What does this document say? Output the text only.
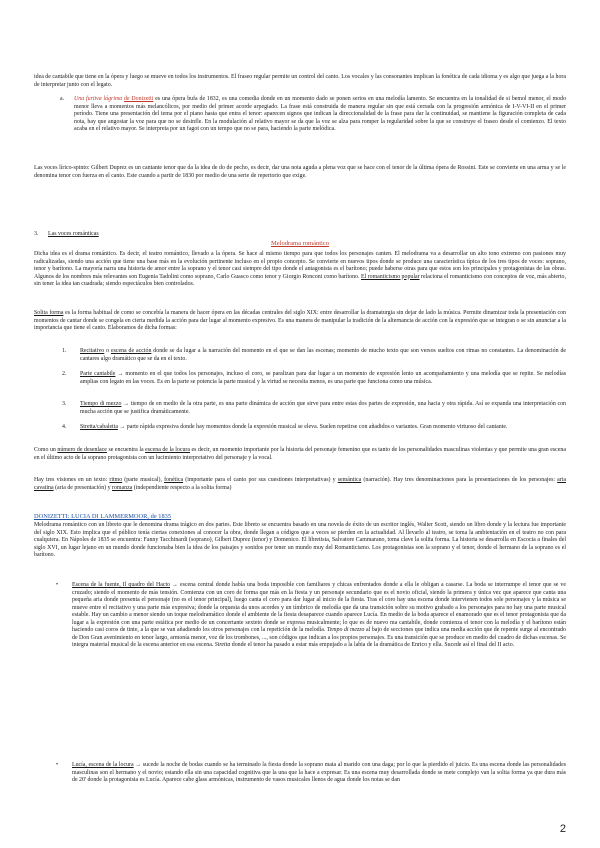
idea de cantabile que tiene en la ópera y luego se mueve en todos los instrumentos. El fraseo regular permite un control del canto. Los vocales y las consonantes implican la fonética de cada idioma y es algo que juega a la hora de interpretar junto con el legato.

a. Una furtiva lágrima de Donizetti es una ópera bufa de 1832, es una comedia donde en un momento dado se ponen serios en una melodía lamento. Se encuentra en la tonalidad de si bemol menor, el modo menor lleva a momentos más melancólicos, por medio del primer acorde arpegiado. La frase está construida de manera regular sin que está cerrada con la progresión armónica de I-V-VI-II en el primer período. Tiene una presentación del tema por el piano hasta que entra el tenor: aparecen signos que indican la direccionalidad de la frase para dar la continuidad, se mantiene la figuración completa de cada nota, hay que angostar la voz para que no se desinfle. En la modulación al relativo mayor se da que la voz se alza para romper la regularidad sobre la que se construye el fraseo desde el comienzo. El texto acaba en el relativo mayor. Se interpreta por un fagot con un tempo que no se para, haciendo la parte melódica.

Las voces lírico-spinto: Gilbert Duprez es un cantante tenor que da la idea de do de pecho, es decir, dar una nota aguda a plena voz que se hace con el tenor de la última ópera de Rossini. Este se convierte en una arma y se le denomina tenor con fuerza en el canto. Este cuando a partir de 1830 por medio de una serie de repertorio que exige.

3. Las voces románticas

Melodrama romántico

Dicha idea es el drama romántico. Es decir, el teatro romántico, llevado a la ópera. Se hace al mismo tiempo para que todos los personajes canten. El melodrama va a desarrollar un alto tono extremo con pasiones muy radicalizadas, siendo una acción que tiene una base más en la evolución pertinente incluso en el propio concepto. Se convierte en nuevos tipos donde se produce una característica típica de los tres tipos de voces: soprano, tenor y barítono. La mayoría narra una historia de amor entre la soprano y el tenor casi siempre del tipo donde el antagonista es el barítono; puede haberse otras para que estos son los principales y protagonistas de las obras. Algunos de los nombres más relevantes son Eugenia Tadolini como soprano, Carlo Guasco como tenor y Giorgio Ronconi como barítono. El romanticismo popular relaciona el romanticismo con conceptos de voz, más abierto, sin tener la idea tan cuadrada; siendo espectáculos bien controlados.

Solita forma es la forma habitual de como se concebía la manera de hacer ópera en las décadas centrales del siglo XIX: entre desarrollar la dramaturgia sin dejar de lado la música. Permite dinamizar toda la presentación con momentos de cantar donde se congela en cierta medida la acción para dar lugar al momento expresivo. Es una manera de manipular la tradición de la alternancia de acción con la expresión que se integran o se sin anunciar a la importancia que tiene el canto. Elaboramos de dicha formas:

1. Recitativo o escena de acción donde se da lugar a la narración del momento en el que se dan las escenas; momento de mucho texto que son versos sueltos con rimas no constantes. La denominación de cantares algo dramático que se da en el texto.

2. Parte cantabile → momento en el que todos los personajes, incluso el coro, se paralizan para dar lugar a un momento de expresión lento un acompañamiento y una melodía que se repite. Se melodías amplias con legato en las voces. Es en la parte se potencia la parte musical y la virtud se necesita menos, es una parte que funciona como una música.

3. Tiempo di mezzo → tiempo de en medio de la otra parte, es una parte dinámica de acción que sirve para entre estas dos partes de expresión, una hacia y otra rápida. Así se expanda una interpretación con mucha acción que se justifica dramáticamente.

4. Stretta/cabaletta → parte rápida expresiva donde hay momentos donde la expresión musical se eleva. Suelen repetirse con añadidos o variantes. Gran momento virtuoso del cantante.

Como un número de desenlace se encuentra la escena de la locura es decir, un momento importante por la historia del personaje femenino que es tanto de los personalidades masculinas violentas y que permite una gran escena en el último acto de la soprano protagonista con un lucimiento interpretativo del personaje y la vocal.

Hay tres visiones en un texto: ritmo (parte musical), fonética (importante para el canto por sus cuestiones interpretativas) y semántica (narración). Hay tres denominaciones para la presentaciones de los personajes: aria cavatina (aria de presentación) y romanza (independiente respecto a la solita forma)

DONIZETTI: LUCIA DI LAMMERMOOR, de 1835

Melodrama romántico con un libreto que le denomina drama trágico en dos partes. Este libreto se encuentra basado en una novela de éxito de un escritor inglés, Walter Scott, siendo un libro donde y la lectura fue importante del siglo XIX. Esto implica que el público tenía ciertas conexiones al conocer la obra, donde llegan a códigos que a veces se pierden en la actualidad. Al llevarlo al teatro, se toma la ambientación en el teatro no con para cualquiera. En Nápoles de 1835 se encuentra: Fanny Tacchinardi (soprano), Gilbert Duprez (tenor) y Domenico. El libretista, Salvatore Cammarano, toma clave la solita forma. La historia se desarrolla en Escocia a finales del siglo XVI, un lugar lejano en un mundo donde funcionaba bien la idea de los paisajes y sonidos por tener un mundo muy del Romanticismo. Los protagonistas son la soprano y el tenor, donde el hermano de la soprano es el barítono.

• Escena de la fuente, Il quadro del Hacto → escena central donde había una boda imposible con familiares y chicas enfrentados donde a ella le obligan a casarse. La boda se interrumpe el tenor que se ve cruzado; siendo el momento de más tensión. Comienza con un coro de forma que más en la fiesta y un personaje secundario que es el novio oficial, siendo la primera y única vez que aparece que canta una pequeña aria donde presenta el personaje (no es el tenor principal), luego canta el coro para dar lugar al inicio de la fiesta. Tras el coro hay una escena donde intervienen todos sole personajes y la música se mueve entre el recitativo y una parte más expresiva; donde la orquesta da unos acordes y un tímbrico de melodía que da una transición sobre su motivo grabado a los personajes para no hay una parte musical estable. Hay un cambio a menor siendo un toque melodramático donde el ambiente de la fiesta desaparece cuando aparece Lucía. En medio de la boda aparece el enamorado que es el tenor protagonista que da lugar a la expresión con una parte estática por medio de un concertante sexteto donde se expresa musicalmente; lo que es de nuevo ma cantabile, donde comienza el tenor con la melodía y el barítono están haciendo casi coros de tinte, a la que se van añadiendo los otros personajes con la repetición de la melodía. Tempo di mezzo al bajo de secciones que indica una media acción que de repente surge al encontrado de Don Gran avenimiento en tenor largo, armonía menor, voz de los trombones, ..., son códigos que indican a los propios personajes. Es una transición que se produce en medio del cuadro de dichas escenas. Se integra material musical de la escena anterior en esa escena. Stretta donde el tenor ha pasado a estar más empujado a la labia de la dramática de Enrico y ella. Sucede así el final del II acto.

• Lucía, escena de la locura → sucede la noche de bodas cuando se ha terminado la fiesta donde la soprano mata al marido con una daga; por lo que la pierdido el juicio. Es una escena donde las personalidades masculinas son el hermano y el novio; estando ella sin una capacidad cognitiva que la una que la hace a expresar. Es una escena muy desarrollada donde se mete complejo van la solita forma ya que dura más de 20' donde la protagonista es Lucía. Aparece cabe glass armónicas, instrumento de vasos musicales llenos de agua donde los notas se dan

2
